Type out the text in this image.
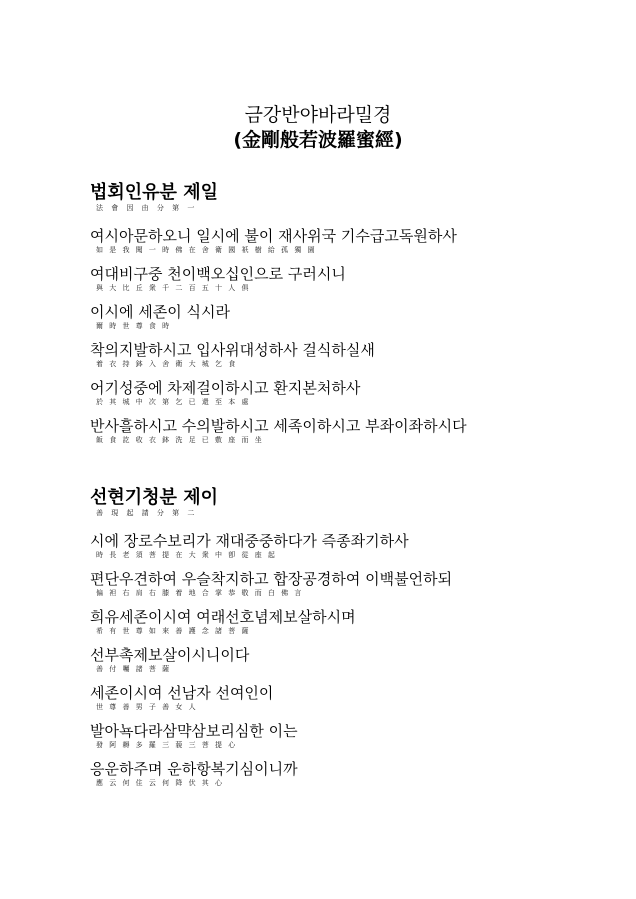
금강반야바라밀경
(金剛般若波羅蜜經)
법회인유분 제일
法 會 因 由 分 第 一
여시아문하오니 일시에 불이 재사위국 기수급고독원하사
如 是 我 聞 一 時 佛 在 舍 衛 國 祇 樹 給 孤 獨 園
여대비구중 천이백오십인으로 구러시니
與 大 比 丘 衆 千 二 百 五 十 人 俱
이시에 세존이 식시라
爾 時 世 尊 食 時
착의지발하시고 입사위대성하사 걸식하실새
着 衣 持 鉢 入 舍 衛 大 城 乞 食
어기성중에 차제걸이하시고 환지본처하사
於 其 城 中 次 第 乞 已 還 至 本 處
반사흘하시고 수의발하시고 세족이하시고 부좌이좌하시다
飯 食 訖 收 衣 鉢 洗 足 已 敷 座 而 坐
선현기청분 제이
善 現 起 請 分 第 二
시에 장로수보리가 재대중중하다가 즉종좌기하사
時 長 老 須 菩 提 在 大 衆 中 卽 從 座 起
편단우견하여 우슬착지하고 합장공경하여 이백불언하되
偏 袒 右 肩 右 膝 着 地 合 掌 恭 敬 而 白 佛 言
희유세존이시여 여래선호념제보살하시며
希 有 世 尊 如 來 善 護 念 諸 菩 薩
선부촉제보살이시니이다
善 付 囑 諸 菩 薩
세존이시여 선남자 선여인이
世 尊 善 男 子 善 女 人
발아뇩다라삼먁삼보리심한 이는
發 阿 耨 多 羅 三 藐 三 菩 提 心
응운하주며 운하항복기심이니까
應 云 何 住 云 何 降 伏 其 心
